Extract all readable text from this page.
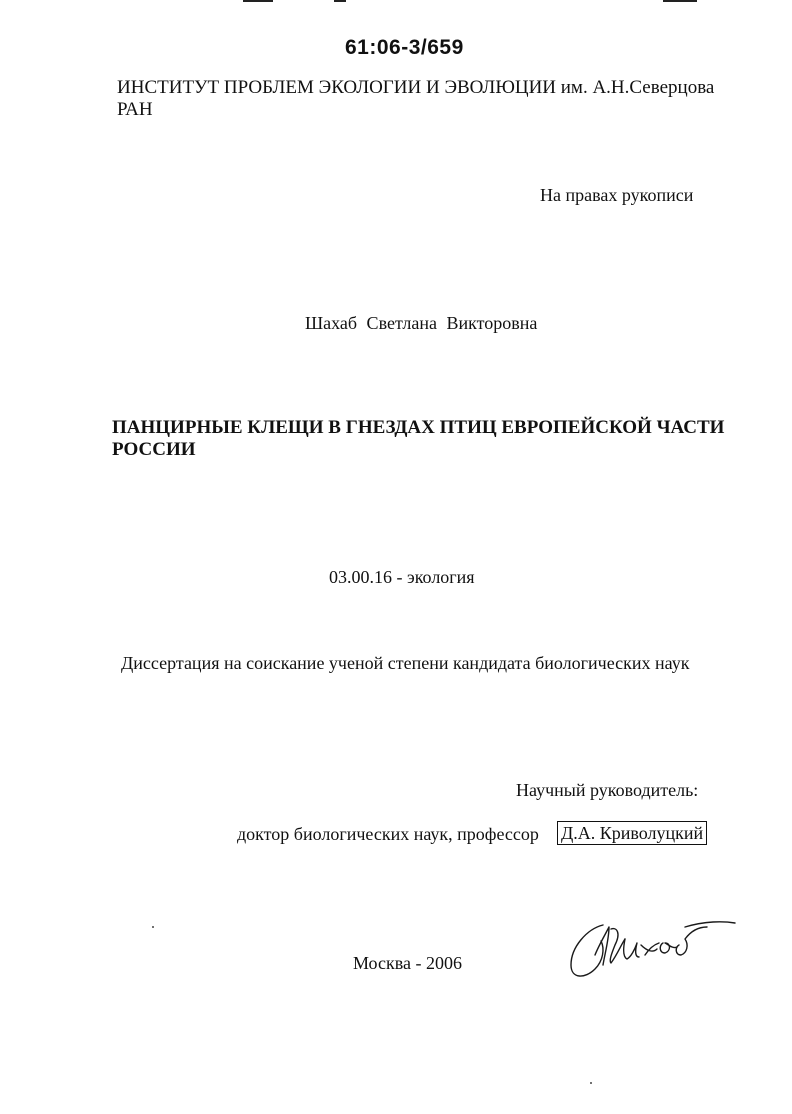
61:06-3/659
ИНСТИТУТ ПРОБЛЕМ ЭКОЛОГИИ И ЭВОЛЮЦИИ им. А.Н.Северцова

РАН
На правах рукописи
Шахаб Светлана Викторовна
ПАНЦИРНЫЕ КЛЕЩИ В ГНЕЗДАХ ПТИЦ ЕВРОПЕЙСКОЙ ЧАСТИ РОССИИ
03.00.16 - экология
Диссертация на соискание ученой степени кандидата биологических наук
Научный руководитель:
доктор биологических наук, профессор Д.А. Криволуцкий
Москва - 2006
